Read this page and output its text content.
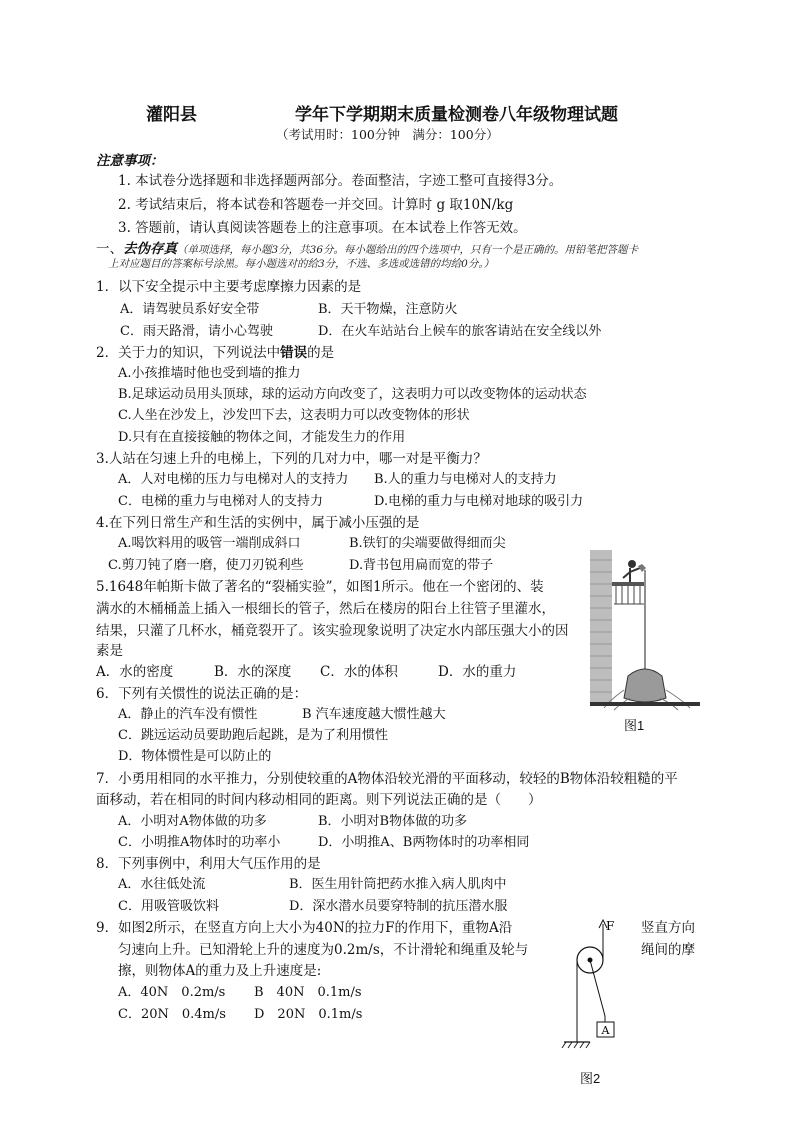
灌阳县	学年下学期期末质量检测卷八年级物理试题
（考试用时：100分钟　满分：100分）
注意事项：
1. 本试卷分选择题和非选择题两部分。卷面整洁，字迹工整可直接得3分。
2. 考试结束后，将本试卷和答题卷一并交回。计算时 g 取10N/kg
3. 答题前，请认真阅读答题卷上的注意事项。在本试卷上作答无效。
一、去伪存真（单项选择，每小题3分，共36分。每小题给出的四个选项中，只有一个是正确的。用铅笔把答题卡
上对应题目的答案标号涂黑。每小题选对的给3分，不选、多选或选错的均给0分。）
1．以下安全提示中主要考虑摩擦力因素的是
A．请驾驶员系好安全带	B．天干物燥，注意防火
C．雨天路滑，请小心驾驶	D．在火车站站台上候车的旅客请站在安全线以外
2．关于力的知识，下列说法中错误的是
A.小孩推墙时他也受到墙的推力
B.足球运动员用头顶球，球的运动方向改变了，这表明力可以改变物体的运动状态
C.人坐在沙发上，沙发凹下去，这表明力可以改变物体的形状
D.只有在直接接触的物体之间，才能发生力的作用
3.人站在匀速上升的电梯上，下列的几对力中，哪一对是平衡力？
A．人对电梯的压力与电梯对人的支持力 B.人的重力与电梯对人的支持力
C．电梯的重力与电梯对人的支持力	D.电梯的重力与电梯对地球的吸引力
4.在下列日常生产和生活的实例中，属于减小压强的是
A.喝饮料用的吸管一端削成斜口	B.铁钉的尖端要做得细而尖
C.剪刀钝了磨一磨，使刀刃锐利些	D.背书包用扁而宽的带子
5.1648年帕斯卡做了著名的“裂桶实验”，如图1所示。他在一个密闭的、装
满水的木桶桶盖上插入一根细长的管子，然后在楼房的阳台上往管子里灌水，
结果，只灌了几杯水，桶竟裂开了。该实验现象说明了决定水内部压强大小的因
素是
A．水的密度	B．水的深度 C．水的体积	D．水的重力
图1
6．下列有关惯性的说法正确的是：
A．静止的汽车没有惯性	B 汽车速度越大惯性越大
C．跳远运动员要助跑后起跳，是为了利用惯性
D．物体惯性是可以防止的
7．小勇用相同的水平推力，分别使较重的A物体沿较光滑的平面移动，较轻的B物体沿较粗糙的平
面移动，若在相同的时间内移动相同的距离。则下列说法正确的是（　　）
A．小明对A物体做的功多	B．小明对B物体做的功多
C．小明推A物体时的功率小	D．小明推A、B两物体时的功率相同
8．下列事例中，利用大气压作用的是
A．水往低处流	B．医生用针筒把药水推入病人肌肉中
C．用吸管吸饮料	D．深水潜水员要穿特制的抗压潜水服
9．如图2所示，在竖直方向上大小为40N的拉力F的作用下，重物A沿	竖直方向
匀速向上升。已知滑轮上升的速度为0.2m/s，不计滑轮和绳重及轮与	绳间的摩
擦，则物体A的重力及上升速度是:
A．40N　0.2m/s B　40N　0.1m/s
C．20N　0.4m/s D　20N　0.1m/s
A
F
图2
